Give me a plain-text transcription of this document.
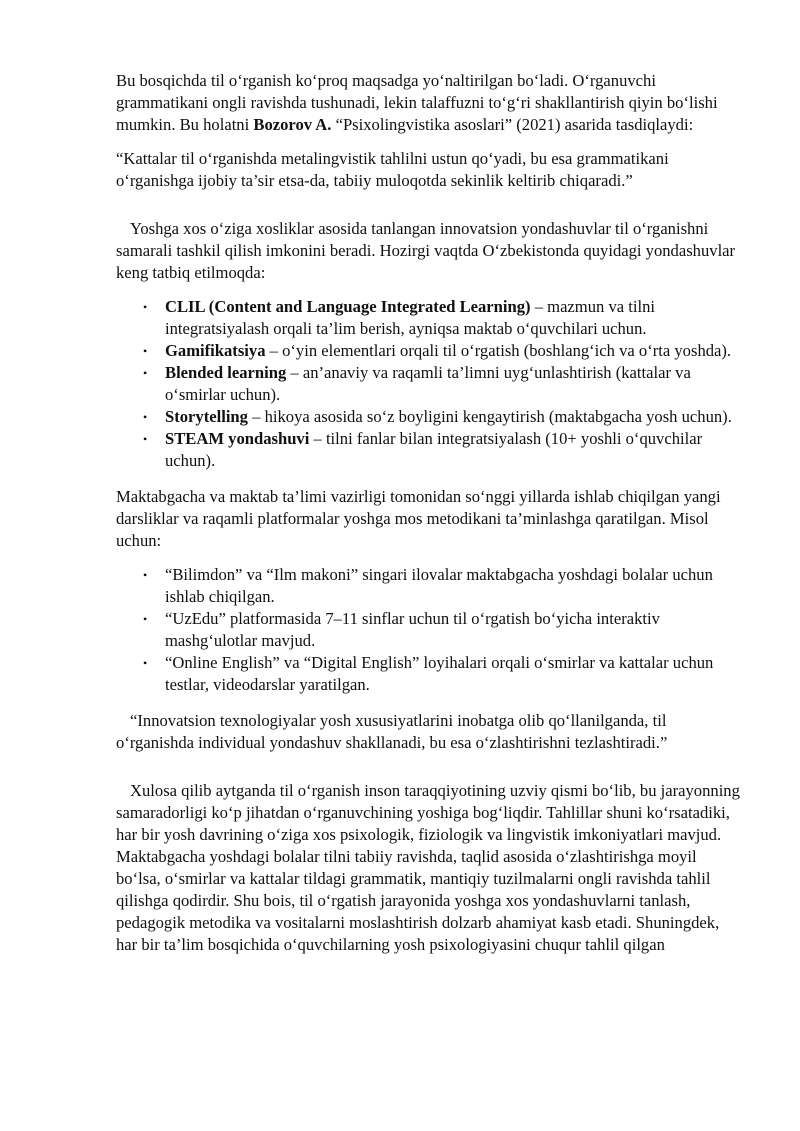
Bu bosqichda til o‘rganish ko‘proq maqsadga yo‘naltirilgan bo‘ladi. O‘rganuvchi grammatikani ongli ravishda tushunadi, lekin talaffuzni to‘g‘ri shakllantirish qiyin bo‘lishi mumkin. Bu holatni Bozorov A. “Psixolingvistika asoslari” (2021) asarida tasdiqlaydi:

“Kattalar til o‘rganishda metalingvistik tahlilni ustun qo‘yadi, bu esa grammatikani o‘rganishga ijobiy ta’sir etsa-da, tabiiy muloqotda sekinlik keltirib chiqaradi.”

Yoshga xos o‘ziga xosliklar asosida tanlangan innovatsion yondashuvlar til o‘rganishni samarali tashkil qilish imkonini beradi. Hozirgi vaqtda O‘zbekistonda quyidagi yondashuvlar keng tatbiq etilmoqda:

• CLIL (Content and Language Integrated Learning) – mazmun va tilni integratsiyalash orqali ta’lim berish, ayniqsa maktab o‘quvchilari uchun.
• Gamifikatsiya – o‘yin elementlari orqali til o‘rgatish (boshlang‘ich va o‘rta yoshda).
• Blended learning – an’anaviy va raqamli ta’limni uyg‘unlashtirish (kattalar va o‘smirlar uchun).
• Storytelling – hikoya asosida so‘z boyligini kengaytirish (maktabgacha yosh uchun).
• STEAM yondashuvi – tilni fanlar bilan integratsiyalash (10+ yoshli o‘quvchilar uchun).

Maktabgacha va maktab ta’limi vazirligi tomonidan so‘nggi yillarda ishlab chiqilgan yangi darsliklar va raqamli platformalar yoshga mos metodikani ta’minlashga qaratilgan. Misol uchun:

• “Bilimdon” va “Ilm makoni” singari ilovalar maktabgacha yoshdagi bolalar uchun ishlab chiqilgan.
• “UzEdu” platformasida 7–11 sinflar uchun til o‘rgatish bo‘yicha interaktiv mashg‘ulotlar mavjud.
• “Online English” va “Digital English” loyihalari orqali o‘smirlar va kattalar uchun testlar, videodarslar yaratilgan.

“Innovatsion texnologiyalar yosh xususiyatlarini inobatga olib qo‘llanilganda, til o‘rganishda individual yondashuv shakllanadi, bu esa o‘zlashtirishni tezlashtiradi.”

Xulosa qilib aytganda til o‘rganish inson taraqqiyotining uzviy qismi bo‘lib, bu jarayonning samaradorligi ko‘p jihatdan o‘rganuvchining yoshiga bog‘liqdir. Tahlillar shuni ko‘rsatadiki, har bir yosh davrining o‘ziga xos psixologik, fiziologik va lingvistik imkoniyatlari mavjud. Maktabgacha yoshdagi bolalar tilni tabiiy ravishda, taqlid asosida o‘zlashtirishga moyil bo‘lsa, o‘smirlar va kattalar tildagi grammatik, mantiqiy tuzilmalarni ongli ravishda tahlil qilishga qodirdir. Shu bois, til o‘rgatish jarayonida yoshga xos yondashuvlarni tanlash, pedagogik metodika va vositalarni moslashtirish dolzarb ahamiyat kasb etadi. Shuningdek, har bir ta’lim bosqichida o‘quvchilarning yosh psixologiyasini chuqur tahlil qilgan
